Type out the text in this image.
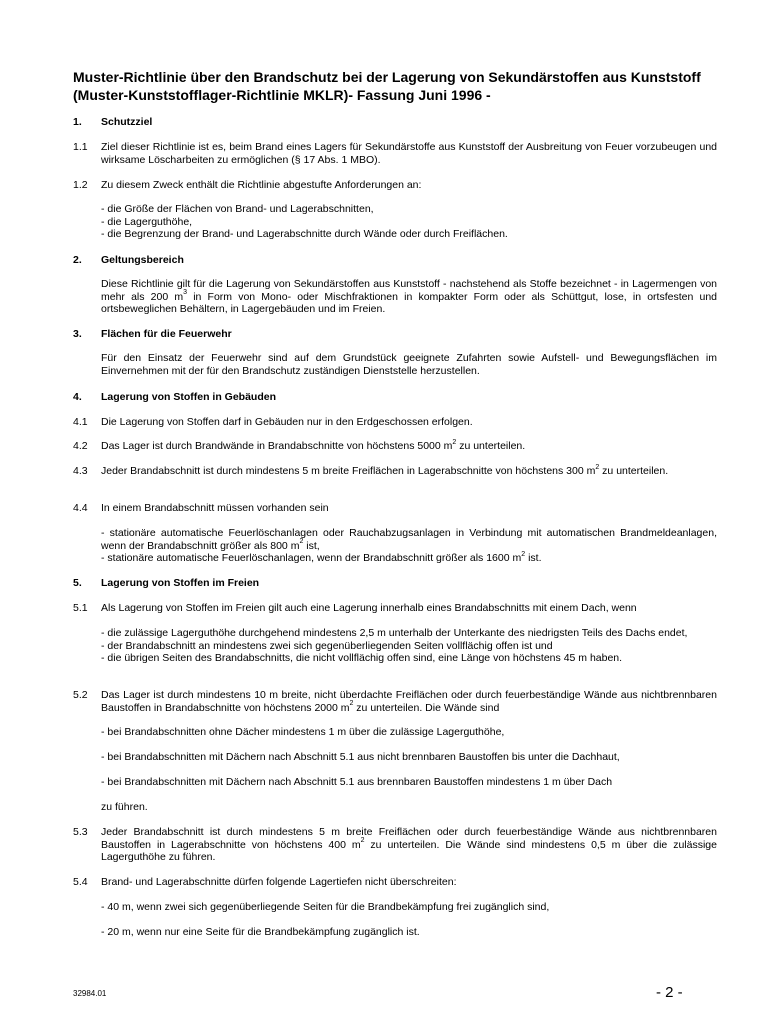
Muster-Richtlinie über den Brandschutz bei der Lagerung von Sekundärstoffen aus Kunststoff
(Muster-Kunststofflager-Richtlinie MKLR)- Fassung Juni 1996 -
1. Schutzziel
1.1 Ziel dieser Richtlinie ist es, beim Brand eines Lagers für Sekundärstoffe aus Kunststoff der Ausbreitung von Feuer vorzubeugen und wirksame Löscharbeiten zu ermöglichen (§ 17 Abs. 1 MBO).
1.2 Zu diesem Zweck enthält die Richtlinie abgestufte Anforderungen an:
- die Größe der Flächen von Brand- und Lagerabschnitten,
- die Lagerguthöhe,
- die Begrenzung der Brand- und Lagerabschnitte durch Wände oder durch Freiflächen.
2. Geltungsbereich
Diese Richtlinie gilt für die Lagerung von Sekundärstoffen aus Kunststoff - nachstehend als Stoffe bezeichnet - in Lagermengen von mehr als 200 $m^3$ in Form von Mono- oder Mischfraktionen in kompakter Form oder als Schüttgut, lose, in ortsfesten und ortsbeweglichen Behältern, in Lagergebäuden und im Freien.
3. Flächen für die Feuerwehr
Für den Einsatz der Feuerwehr sind auf dem Grundstück geeignete Zufahrten sowie Aufstell- und Bewegungsflächen im Einvernehmen mit der für den Brandschutz zuständigen Dienststelle herzustellen.
4. Lagerung von Stoffen in Gebäuden
4.1 Die Lagerung von Stoffen darf in Gebäuden nur in den Erdgeschossen erfolgen.
4.2 Das Lager ist durch Brandwände in Brandabschnitte von höchstens 5000 $m^2$ zu unterteilen.
4.3 Jeder Brandabschnitt ist durch mindestens 5 m breite Freiflächen in Lagerabschnitte von höchstens 300 $m^2$ zu unterteilen.
4.4 In einem Brandabschnitt müssen vorhanden sein
- stationäre automatische Feuerlöschanlagen oder Rauchabzugsanlagen in Verbindung mit automatischen Brandmeldeanlagen, wenn der Brandabschnitt größer als 800 $m^2$ ist,
- stationäre automatische Feuerlöschanlagen, wenn der Brandabschnitt größer als 1600 $m^2$ ist.
5. Lagerung von Stoffen im Freien
5.1 Als Lagerung von Stoffen im Freien gilt auch eine Lagerung innerhalb eines Brandabschnitts mit einem Dach, wenn
- die zulässige Lagerguthöhe durchgehend mindestens 2,5 m unterhalb der Unterkante des niedrigsten Teils des Dachs endet,
- der Brandabschnitt an mindestens zwei sich gegenüberliegenden Seiten vollflächig offen ist und
- die übrigen Seiten des Brandabschnitts, die nicht vollflächig offen sind, eine Länge von höchstens 45 m haben.
5.2 Das Lager ist durch mindestens 10 m breite, nicht überdachte Freiflächen oder durch feuerbeständige Wände aus nichtbrennbaren Baustoffen in Brandabschnitte von höchstens 2000 $m^2$ zu unterteilen. Die Wände sind
- bei Brandabschnitten ohne Dächer mindestens 1 m über die zulässige Lagerguthöhe,
- bei Brandabschnitten mit Dächern nach Abschnitt 5.1 aus nicht brennbaren Baustoffen bis unter die Dachhaut,
- bei Brandabschnitten mit Dächern nach Abschnitt 5.1 aus brennbaren Baustoffen mindestens 1 m über Dach
zu führen.
5.3 Jeder Brandabschnitt ist durch mindestens 5 m breite Freiflächen oder durch feuerbeständige Wände aus nichtbrennbaren Baustoffen in Lagerabschnitte von höchstens 400 $m^2$ zu unterteilen. Die Wände sind mindestens 0,5 m über die zulässige Lagerguthöhe zu führen.
5.4 Brand- und Lagerabschnitte dürfen folgende Lagertiefen nicht überschreiten:
- 40 m, wenn zwei sich gegenüberliegende Seiten für die Brandbekämpfung frei zugänglich sind,
- 20 m, wenn nur eine Seite für die Brandbekämpfung zugänglich ist.
32984.01	- 2 -
